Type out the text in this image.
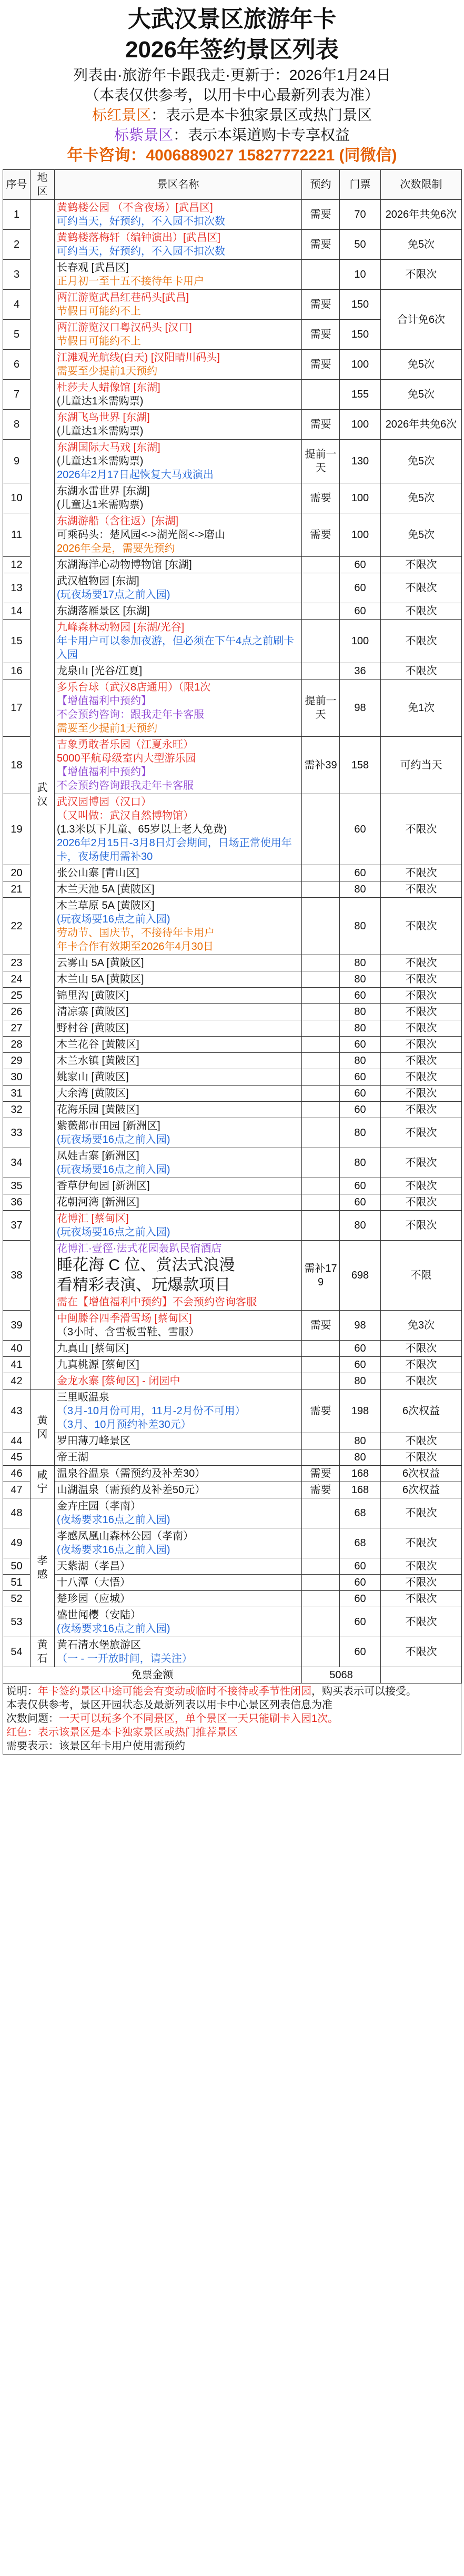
大武汉景区旅游年卡
2026年签约景区列表
列表由·旅游年卡跟我走·更新于：2026年1月24日
（本表仅供参考，以用卡中心最新列表为准）
标红景区：表示是本卡独家景区或热门景区
标紫景区：表示本渠道购卡专享权益
年卡咨询：4006889027 15827772221 (同微信)
序号	地区	景区名称	预约	门票	次数限制
1	武汉	黄鹤楼公园 （不含夜场）[武昌区]
可约当天，好预约，不入园不扣次数	需要	70	2026年共免6次
2		黄鹤楼落梅轩（编钟演出）[武昌区]
可约当天，好预约，不入园不扣次数	需要	50	免5次
3		长春观 [武昌区]
正月初一至十五不接待年卡用户		10	不限次
4		两江游览武昌红巷码头[武昌]
节假日可能约不上	需要	150	合计免6次
5		两江游览汉口粤汉码头 [汉口]
节假日可能约不上	需要	150	
6		江滩观光航线(白天) [汉阳晴川码头]
需要至少提前1天预约	需要	100	免5次
7		杜莎夫人蜡像馆 [东湖]
(儿童达1米需购票)		155	免5次
8		东湖飞鸟世界 [东湖]
(儿童达1米需购票)	需要	100	2026年共免6次
9		东湖国际大马戏 [东湖]
(儿童达1米需购票)
2026年2月17日起恢复大马戏演出	提前一天	130	免5次
10		东湖水雷世界 [东湖]
(儿童达1米需购票)	需要	100	免5次
11		东湖游船（含往返）[东湖]
可乘码头：楚风园<->湖光阁<->磨山
2026年全是，需要先预约	需要	100	免5次
12		东湖海洋心动物博物馆 [东湖]		60	不限次
13		武汉植物园 [东湖]
(玩夜场要17点之前入园)		60	不限次
14		东湖落雁景区 [东湖]		60	不限次
15		九峰森林动物园 [东湖/光谷]
年卡用户可以参加夜游，但必须在下午4点之前刷卡入园		100	不限次
16		龙泉山 [光谷/江夏]		36	不限次
17		多乐台球（武汉8店通用）（限1次
【增值福利中预约】
不会预约咨询：跟我走年卡客服
需要至少提前1天预约	提前一天	98	免1次
18		吉象勇敢者乐园（江夏永旺）
5000平航母级室内大型游乐园
【增值福利中预约】
不会预约咨询跟我走年卡客服	需补39	158	可约当天
19		武汉园博园（汉口）
（又叫做：武汉自然博物馆）
(1.3米以下儿童、65岁以上老人免费)
2026年2月15日-3月8日灯会期间，日场正常使用年卡，夜场使用需补30		60	不限次
20		张公山寨 [青山区]		60	不限次
21		木兰天池 5A [黄陂区]		80	不限次
22		木兰草原 5A [黄陂区]
(玩夜场要16点之前入园)
劳动节、国庆节，不接待年卡用户
年卡合作有效期至2026年4月30日		80	不限次
23		云雾山 5A [黄陂区]		80	不限次
24		木兰山 5A [黄陂区]		80	不限次
25		锦里沟 [黄陂区]		60	不限次
26		清凉寨 [黄陂区]		80	不限次
27		野村谷 [黄陂区]		80	不限次
28		木兰花谷 [黄陂区]		60	不限次
29		木兰水镇 [黄陂区]		80	不限次
30		姚家山 [黄陂区]		60	不限次
31		大余湾 [黄陂区]		60	不限次
32		花海乐园 [黄陂区]		60	不限次
33		紫薇都市田园 [新洲区]
(玩夜场要16点之前入园)		80	不限次
34		凤娃古寨 [新洲区]
(玩夜场要16点之前入园)		80	不限次
35		香草伊甸园 [新洲区]		60	不限次
36		花朝河湾 [新洲区]		60	不限次
37		花博汇 [蔡甸区]
(玩夜场要16点之前入园)		80	不限次
38		花博汇·壹徑·法式花园轰趴民宿酒店
睡花海 C 位、赏法式浪漫
看精彩表演、玩爆款项目
需在【增值福利中预约】不会预约咨询客服	需补179	698	不限
39		中闽滕谷四季滑雪场 [蔡甸区]
（3小时、含雪板雪鞋、雪服）	需要	98	免3次
40		九真山 [蔡甸区]		60	不限次
41		九真桃源 [蔡甸区]		60	不限次
42		金龙水寨 [蔡甸区] - 闭园中		80	不限次
43	黄冈	三里畈温泉
（3月-10月份可用，11月-2月份不可用）
（3月、10月预约补差30元）	需要	198	6次权益
44		罗田薄刀峰景区		80	不限次
45		帝王湖		80	不限次
46	咸宁	温泉谷温泉（需预约及补差30）	需要	168	6次权益
47		山湖温泉（需预约及补差50元）	需要	168	6次权益
48	孝感	金卉庄园（孝南）
(夜场要求16点之前入园)		68	不限次
49		孝感凤凰山森林公园（孝南）
(夜场要求16点之前入园)		68	不限次
50		天紫湖（孝昌）		60	不限次
51		十八潭（大悟）		60	不限次
52		楚珍园（应城）		60	不限次
53		盛世闻樱（安陆）
(夜场要求16点之前入园)		60	不限次
54	黄石	黄石清水堡旅游区
（一 - 一开放时间，请关注）		60	不限次
免票金额			5068		
说明：年卡签约景区中途可能会有变动或临时不接待或季节性闭园，购买表示可以接受。
本表仅供参考，景区开园状态及最新列表以用卡中心景区列表信息为准
次数问题：一天可以玩多个不同景区，单个景区一天只能刷卡入园1次。
红色：表示该景区是本卡独家景区或热门推荐景区
需要表示：该景区年卡用户使用需预约
